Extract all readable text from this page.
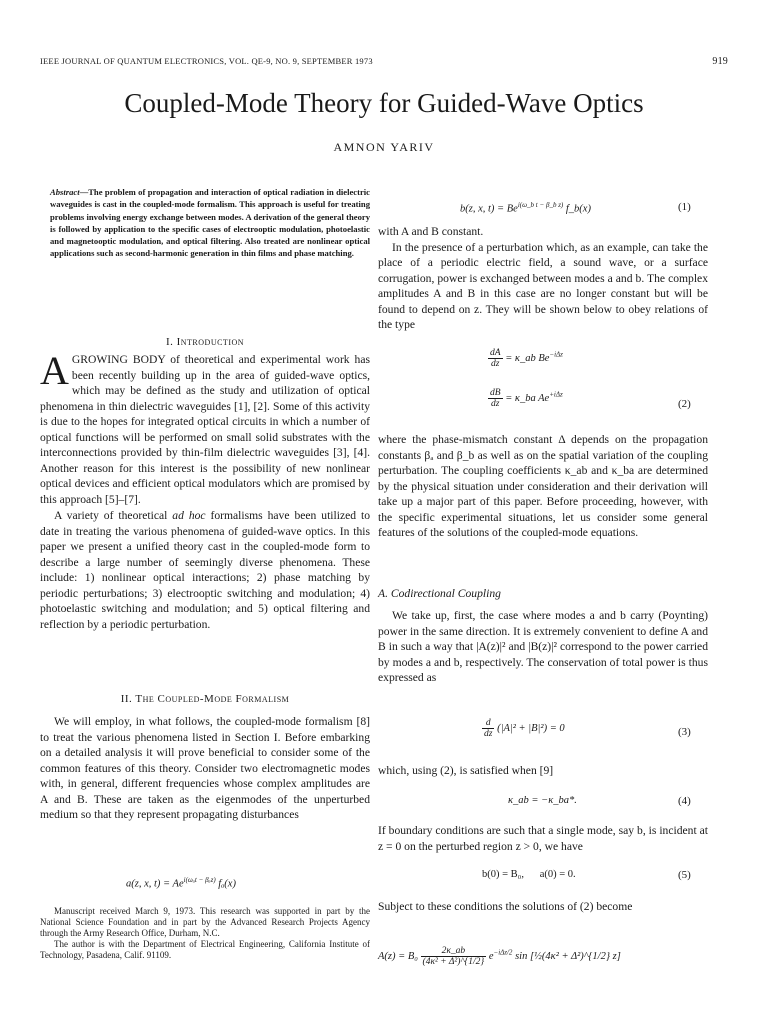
IEEE JOURNAL OF QUANTUM ELECTRONICS, VOL. QE-9, NO. 9, SEPTEMBER 1973	919
Coupled-Mode Theory for Guided-Wave Optics
AMNON YARIV
Abstract—The problem of propagation and interaction of optical radiation in dielectric waveguides is cast in the coupled-mode formalism. This approach is useful for treating problems involving energy exchange between modes. A derivation of the general theory is followed by application to the specific cases of electrooptic modulation, photoelastic and magnetooptic modulation, and optical filtering. Also treated are nonlinear optical applications such as second-harmonic generation in thin films and phase matching.
I. Introduction

AGROWING BODY of theoretical and experimental work has been recently building up in the area of guided-wave optics, which may be defined as the study and utilization of optical phenomena in thin dielectric waveguides [1], [2]. Some of this activity is due to the hopes for integrated optical circuits in which a number of optical functions will be performed on small solid substrates with the interconnections provided by thin-film dielectric waveguides [3], [4]. Another reason for this interest is the possibility of new nonlinear optical devices and efficient optical modulators which are promised by this approach [5]–[7].

A variety of theoretical ad hoc formalisms have been utilized to date in treating the various phenomena of guided-wave optics. In this paper we present a unified theory cast in the coupled-mode form to describe a large number of seemingly diverse phenomena. These include: 1) nonlinear optical interactions; 2) phase matching by periodic perturbations; 3) electrooptic switching and modulation; 4) photoelastic switching and modulation; and 5) optical filtering and reflection by a periodic perturbation.

II. The Coupled-Mode Formalism

We will employ, in what follows, the coupled-mode formalism [8] to treat the various phenomena listed in Section I. Before embarking on a detailed analysis it will prove beneficial to consider some of the common features of this theory. Consider two electromagnetic modes with, in general, different frequencies whose complex amplitudes are A and B. These are taken as the eigenmodes of the unperturbed medium so that they represent propagating disturbances

a(z, x, $t) = Ae^{i(\omega_at - \beta_az)}$ fₐ(x)
Manuscript received March 9, 1973. This research was supported in part by the National Science Foundation and in part by the Advanced Research Projects Agency through the Army Research Office, Durham, N.C.
The author is with the Department of Electrical Engineering, California Institute of Technology, Pasadena, Calif. 91109.
b(z, x, $t) = Be^{i(\omega\_b t - \beta\_b z)}$ f_b(x)	(1)

with A and B constant.

In the presence of a perturbation which, as an example, can take the place of a periodic electric field, a sound wave, or a surface corrugation, power is exchanged between modes a and b. The complex amplitudes A and B in this case are no longer constant but will be found to depend on z. They will be shown below to obey relations of the type

$\frac{dA}{dz}$ = κ_ab $Be^{-i\Delta z}$
$\frac{dB}{dz}$ = κ_ba $Ae^{+i\Delta z}$
(2)

where the phase-mismatch constant Δ depends on the propagation constants βₐ and β_b as well as on the spatial variation of the coupling perturbation. The coupling coefficients κ_ab and κ_ba are determined by the physical situation under consideration and their derivation will take up a major part of this paper. Before proceeding, however, with the specific experimental situations, let us consider some general features of the solutions of the coupled-mode equations.

A. Codirectional Coupling

We take up, first, the case where modes a and b carry (Poynting) power in the same direction. It is extremely convenient to define A and B in such a way that |A(z)|² and |B(z)|² correspond to the power carried by modes a and b, respectively. The conservation of total power is thus expressed as

$\frac{d}{dz} (|A|^2 + |B|^2) = 0$	(3)

which, using (2), is satisfied when [9]

κ_ab = −κ_ba*.	(4)

If boundary conditions are such that a single mode, say b, is incident at z = 0 on the perturbed region z > 0, we have

b(0) = B₀,      a(0) = 0.	(5)

Subject to these conditions the solutions of (2) become

$A(z) = B_0 \frac{2\kappa\_ab}{\text{(4κ² + Δ²)\textasciicircum{}\{1/2\}}} e^{-i\Delta z/2}$ sin [½(4κ² + Δ²)^{1/2} z]
